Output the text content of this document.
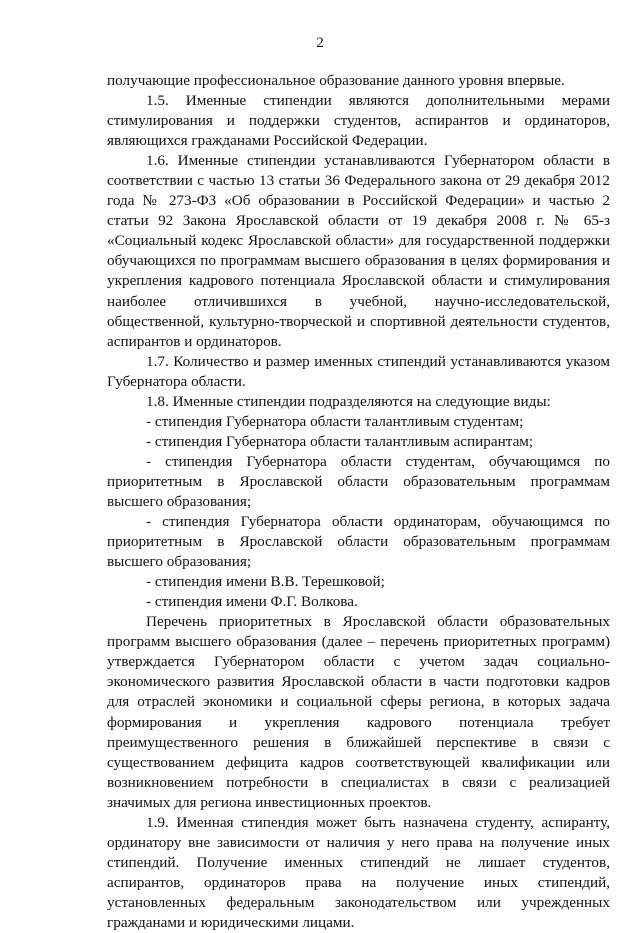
2

получающие профессиональное образование данного уровня впервые.

1.5. Именные стипендии являются дополнительными мерами стимулирования и поддержки студентов, аспирантов и ординаторов, являющихся гражданами Российской Федерации.

1.6. Именные стипендии устанавливаются Губернатором области в соответствии с частью 13 статьи 36 Федерального закона от 29 декабря 2012 года № 273-ФЗ «Об образовании в Российской Федерации» и частью 2 статьи 92 Закона Ярославской области от 19 декабря 2008 г. № 65-з «Социальный кодекс Ярославской области» для государственной поддержки обучающихся по программам высшего образования в целях формирования и укрепления кадрового потенциала Ярославской области и стимулирования наиболее отличившихся в учебной, научно-исследовательской, общественной, культурно-творческой и спортивной деятельности студентов, аспирантов и ординаторов.

1.7. Количество и размер именных стипендий устанавливаются указом Губернатора области.

1.8. Именные стипендии подразделяются на следующие виды:

- стипендия Губернатора области талантливым студентам;

- стипендия Губернатора области талантливым аспирантам;

- стипендия Губернатора области студентам, обучающимся по приоритетным в Ярославской области образовательным программам высшего образования;

- стипендия Губернатора области ординаторам, обучающимся по приоритетным в Ярославской области образовательным программам высшего образования;

- стипендия имени В.В. Терешковой;

- стипендия имени Ф.Г. Волкова.

Перечень приоритетных в Ярославской области образовательных программ высшего образования (далее – перечень приоритетных программ) утверждается Губернатором области с учетом задач социально-экономического развития Ярославской области в части подготовки кадров для отраслей экономики и социальной сферы региона, в которых задача формирования и укрепления кадрового потенциала требует преимущественного решения в ближайшей перспективе в связи с существованием дефицита кадров соответствующей квалификации или возникновением потребности в специалистах в связи с реализацией значимых для региона инвестиционных проектов.

1.9. Именная стипендия может быть назначена студенту, аспиранту, ординатору вне зависимости от наличия у него права на получение иных стипендий. Получение именных стипендий не лишает студентов, аспирантов, ординаторов права на получение иных стипендий, установленных федеральным законодательством или учрежденных гражданами и юридическими лицами.
